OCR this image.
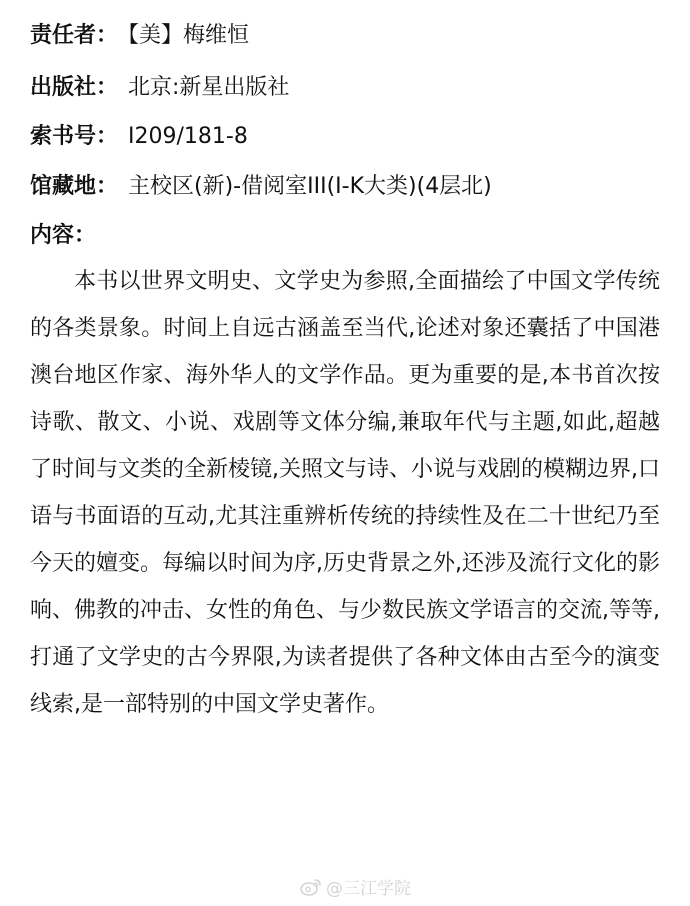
责任者： 【美】梅维恒
出版社： 北京:新星出版社
索书号： I209/181-8
馆藏地： 主校区(新)-借阅室III(I-K大类)(4层北)
内容：

本书以世界文明史、文学史为参照,全面描绘了中国文学传统的各类景象。时间上自远古涵盖至当代,论述对象还囊括了中国港澳台地区作家、海外华人的文学作品。更为重要的是,本书首次按诗歌、散文、小说、戏剧等文体分编,兼取年代与主题,如此,超越了时间与文类的全新棱镜,关照文与诗、小说与戏剧的模糊边界,口语与书面语的互动,尤其注重辨析传统的持续性及在二十世纪乃至今天的嬗变。每编以时间为序,历史背景之外,还涉及流行文化的影响、佛教的冲击、女性的角色、与少数民族文学语言的交流,等等,打通了文学史的古今界限,为读者提供了各种文体由古至今的演变线索,是一部特别的中国文学史著作。

@三江学院
